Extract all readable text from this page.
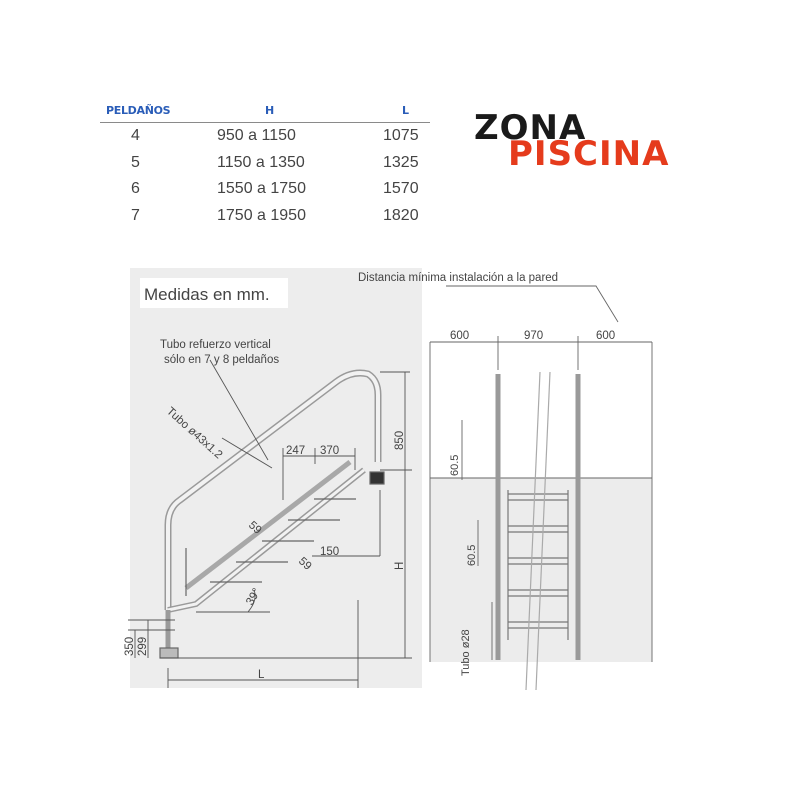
PELDAÑOS	H	L
4	950 a 1150	1075
5	1150 a 1350	1325
6	1550 a 1750	1570
7	1750 a 1950	1820
ZONA
PISCINA
Medidas en mm.
Tubo refuerzo vertical
sólo en 7 y 8 peldaños
Tubo ø43x1.2	850
247 370
59
59
150
39°
H
L
350 299
Distancia mínima instalación a la pared
600	970	600
60.5
60.5
Tubo ø28
